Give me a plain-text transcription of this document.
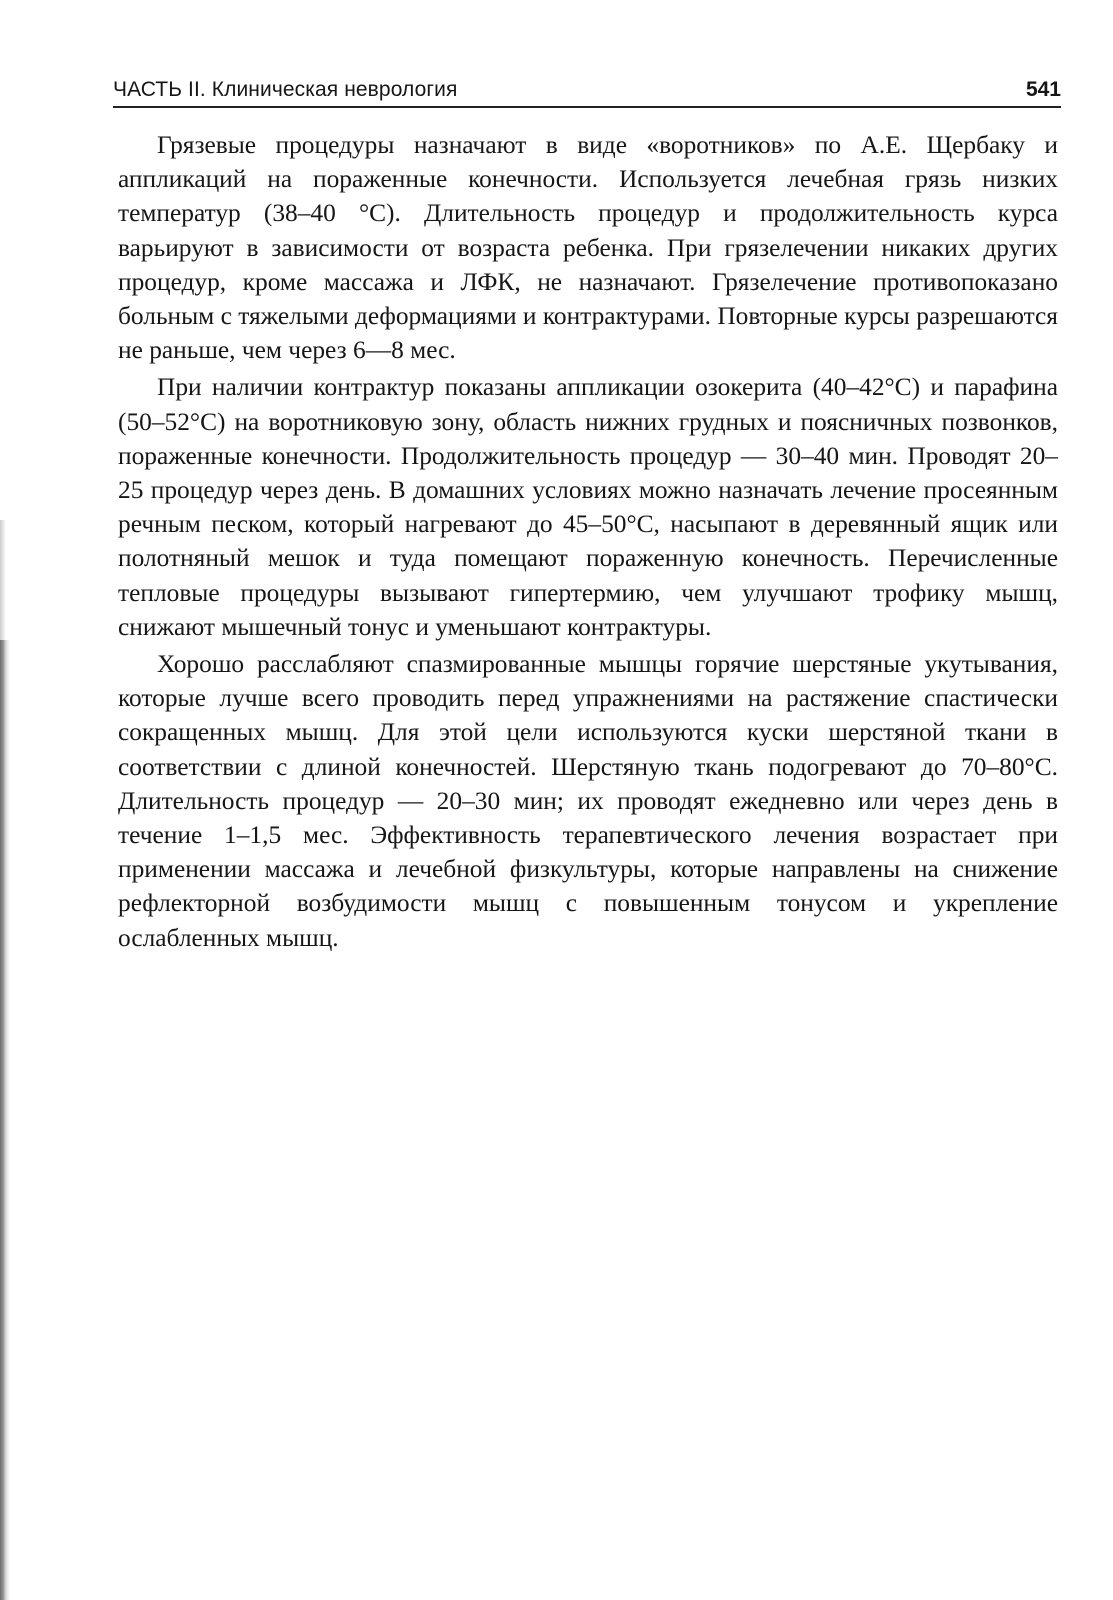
ЧАСТЬ II. Клиническая неврология	541

Грязевые процедуры назначают в виде «воротников» по А.Е. Щербаку и аппликаций на пораженные конечности. Используется лечебная грязь низких температур (38–40 °С). Длительность процедур и продолжительность курса варьируют в зависимости от возраста ребенка. При грязелечении никаких других процедур, кроме массажа и ЛФК, не назначают. Грязелечение противопоказано больным с тяжелыми деформациями и контрактурами. Повторные курсы разрешаются не раньше, чем через 6—8 мес.

При наличии контрактур показаны аппликации озокерита (40–42°С) и парафина (50–52°С) на воротниковую зону, область нижних грудных и поясничных позвонков, пораженные конечности. Продолжительность процедур — 30–40 мин. Проводят 20–25 процедур через день. В домашних условиях можно назначать лечение просеянным речным песком, который нагревают до 45–50°С, насыпают в деревянный ящик или полотняный мешок и туда помещают пораженную конечность. Перечисленные тепловые процедуры вызывают гипертермию, чем улучшают трофику мышц, снижают мышечный тонус и уменьшают контрактуры.

Хорошо расслабляют спазмированные мышцы горячие шерстяные укутывания, которые лучше всего проводить перед упражнениями на растяжение спастически сокращенных мышц. Для этой цели используются куски шерстяной ткани в соответствии с длиной конечностей. Шерстяную ткань подогревают до 70–80°С. Длительность процедур — 20–30 мин; их проводят ежедневно или через день в течение 1–1,5 мес. Эффективность терапевтического лечения возрастает при применении массажа и лечебной физкультуры, которые направлены на снижение рефлекторной возбудимости мышц с повышенным тонусом и укрепление ослабленных мышц.
